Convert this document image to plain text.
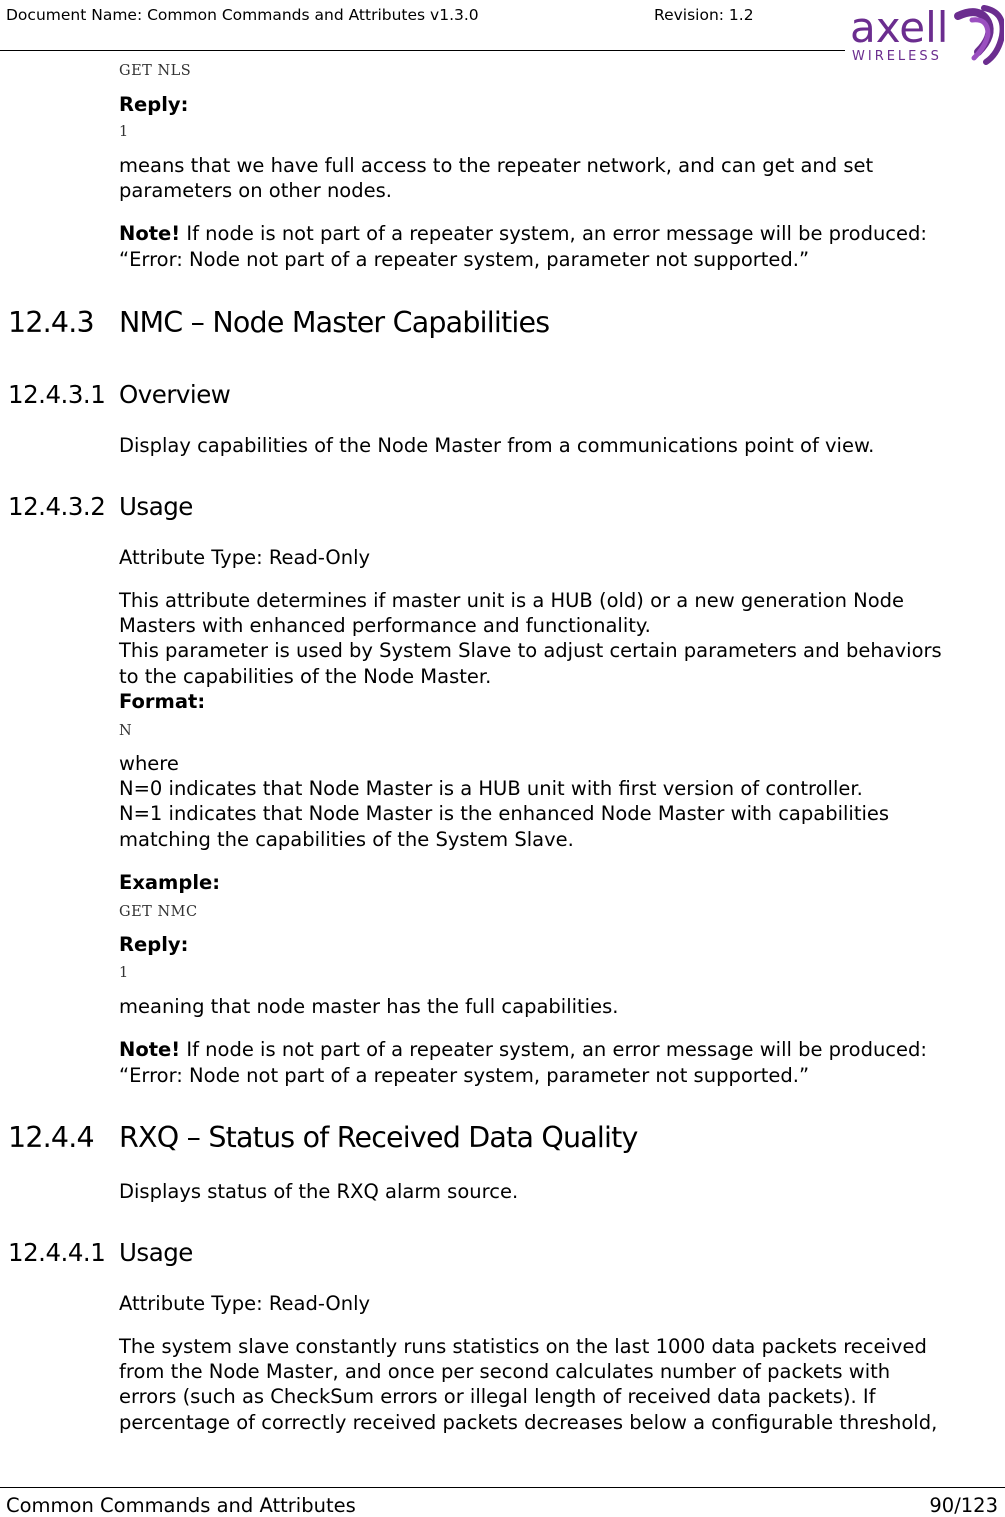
Document Name: Common Commands and Attributes v1.3.0	Revision: 1.2 axell
WIRELESS
GET NLS
Reply:
1
means that we have full access to the repeater network, and can get and set
parameters on other nodes.
Note! If node is not part of a repeater system, an error message will be produced:
“Error: Node not part of a repeater system, parameter not supported.”
12.4.3 NMC – Node Master Capabilities
12.4.3.1 Overview
Display capabilities of the Node Master from a communications point of view.
12.4.3.2 Usage
Attribute Type: Read-Only
This attribute determines if master unit is a HUB (old) or a new generation Node
Masters with enhanced performance and functionality.
This parameter is used by System Slave to adjust certain parameters and behaviors
to the capabilities of the Node Master.
Format:
N
where
N=0 indicates that Node Master is a HUB unit with first version of controller.
N=1 indicates that Node Master is the enhanced Node Master with capabilities
matching the capabilities of the System Slave.
Example:
GET NMC
Reply:
1
meaning that node master has the full capabilities.
Note! If node is not part of a repeater system, an error message will be produced:
“Error: Node not part of a repeater system, parameter not supported.”
12.4.4 RXQ – Status of Received Data Quality
Displays status of the RXQ alarm source.
12.4.4.1 Usage
Attribute Type: Read-Only
The system slave constantly runs statistics on the last 1000 data packets received
from the Node Master, and once per second calculates number of packets with
errors (such as CheckSum errors or illegal length of received data packets). If
percentage of correctly received packets decreases below a configurable threshold,
Common Commands and Attributes	90/123
